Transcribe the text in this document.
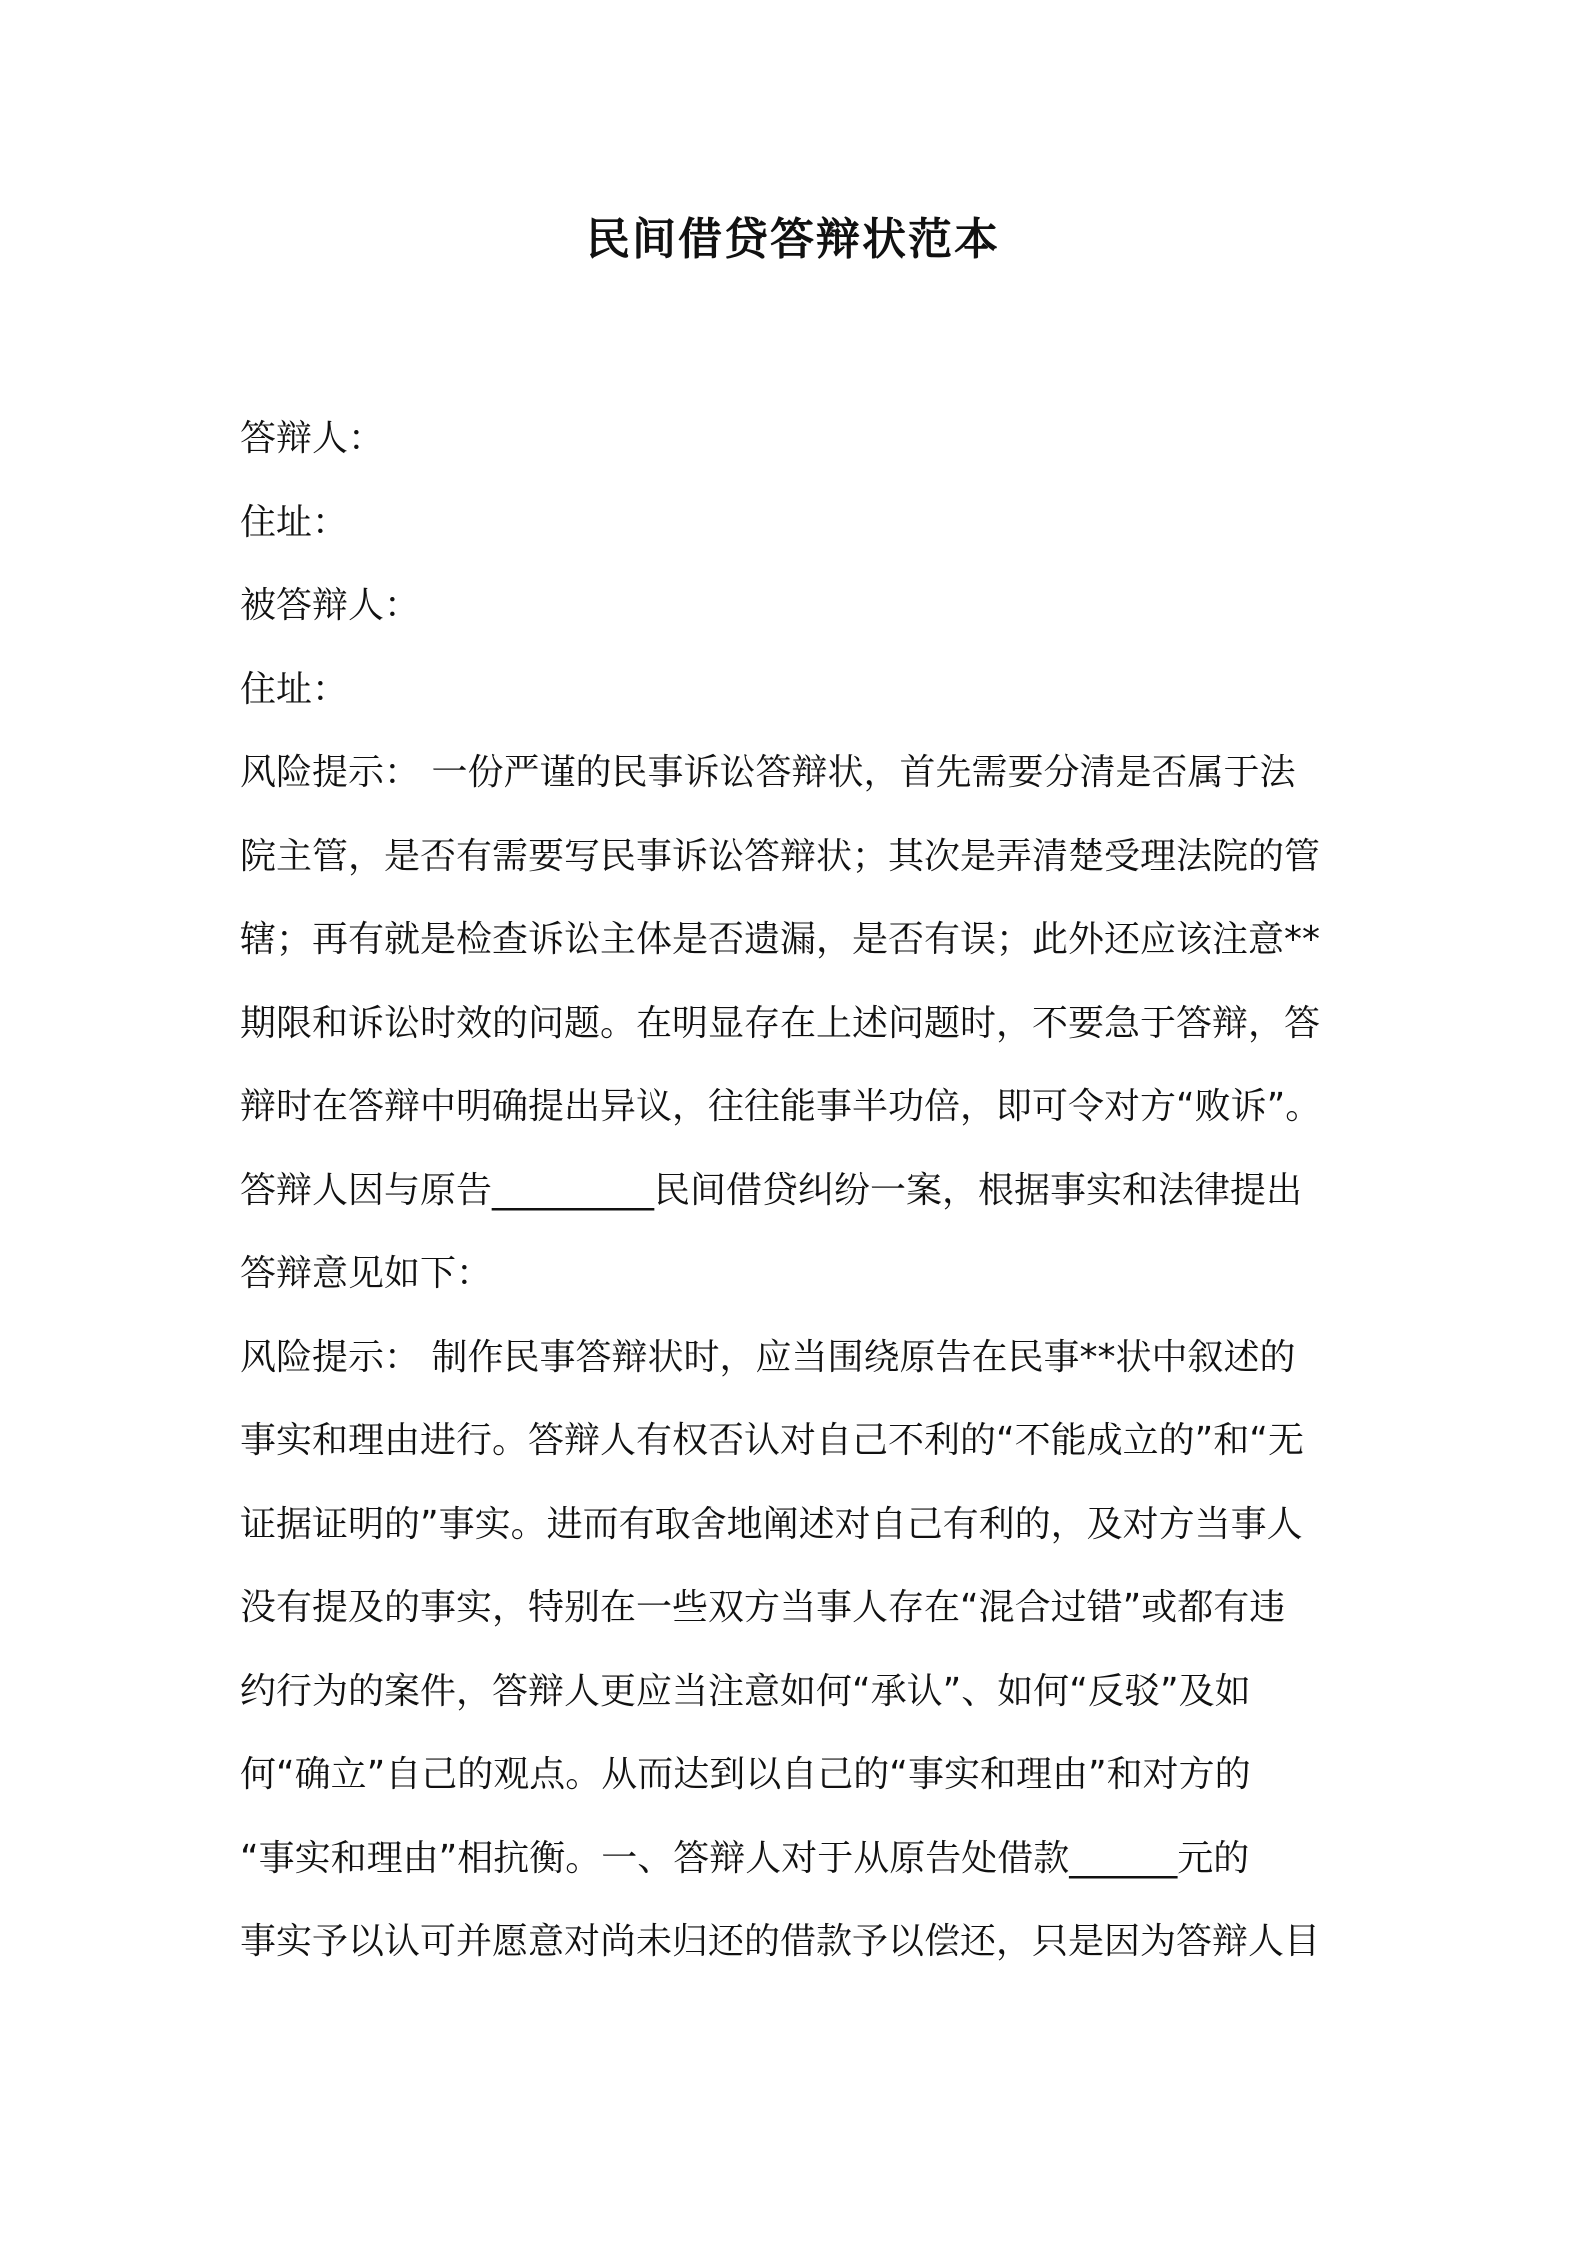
民间借贷答辩状范本
答辩人：
住址：
被答辩人：
住址：
风险提示： 一份严谨的民事诉讼答辩状，首先需要分清是否属于法
院主管，是否有需要写民事诉讼答辩状；其次是弄清楚受理法院的管
辖；再有就是检查诉讼主体是否遗漏，是否有误；此外还应该注意**
期限和诉讼时效的问题。在明显存在上述问题时，不要急于答辩，答
辩时在答辩中明确提出异议，往往能事半功倍，即可令对方“败诉”。
答辩人因与原告_________民间借贷纠纷一案，根据事实和法律提出
答辩意见如下：
风险提示： 制作民事答辩状时，应当围绕原告在民事**状中叙述的
事实和理由进行。答辩人有权否认对自己不利的“不能成立的”和“无
证据证明的”事实。进而有取舍地阐述对自己有利的，及对方当事人
没有提及的事实，特别在一些双方当事人存在“混合过错”或都有违
约行为的案件，答辩人更应当注意如何“承认”、如何“反驳”及如
何“确立”自己的观点。从而达到以自己的“事实和理由”和对方的
“事实和理由”相抗衡。一、答辩人对于从原告处借款______元的
事实予以认可并愿意对尚未归还的借款予以偿还，只是因为答辩人目
